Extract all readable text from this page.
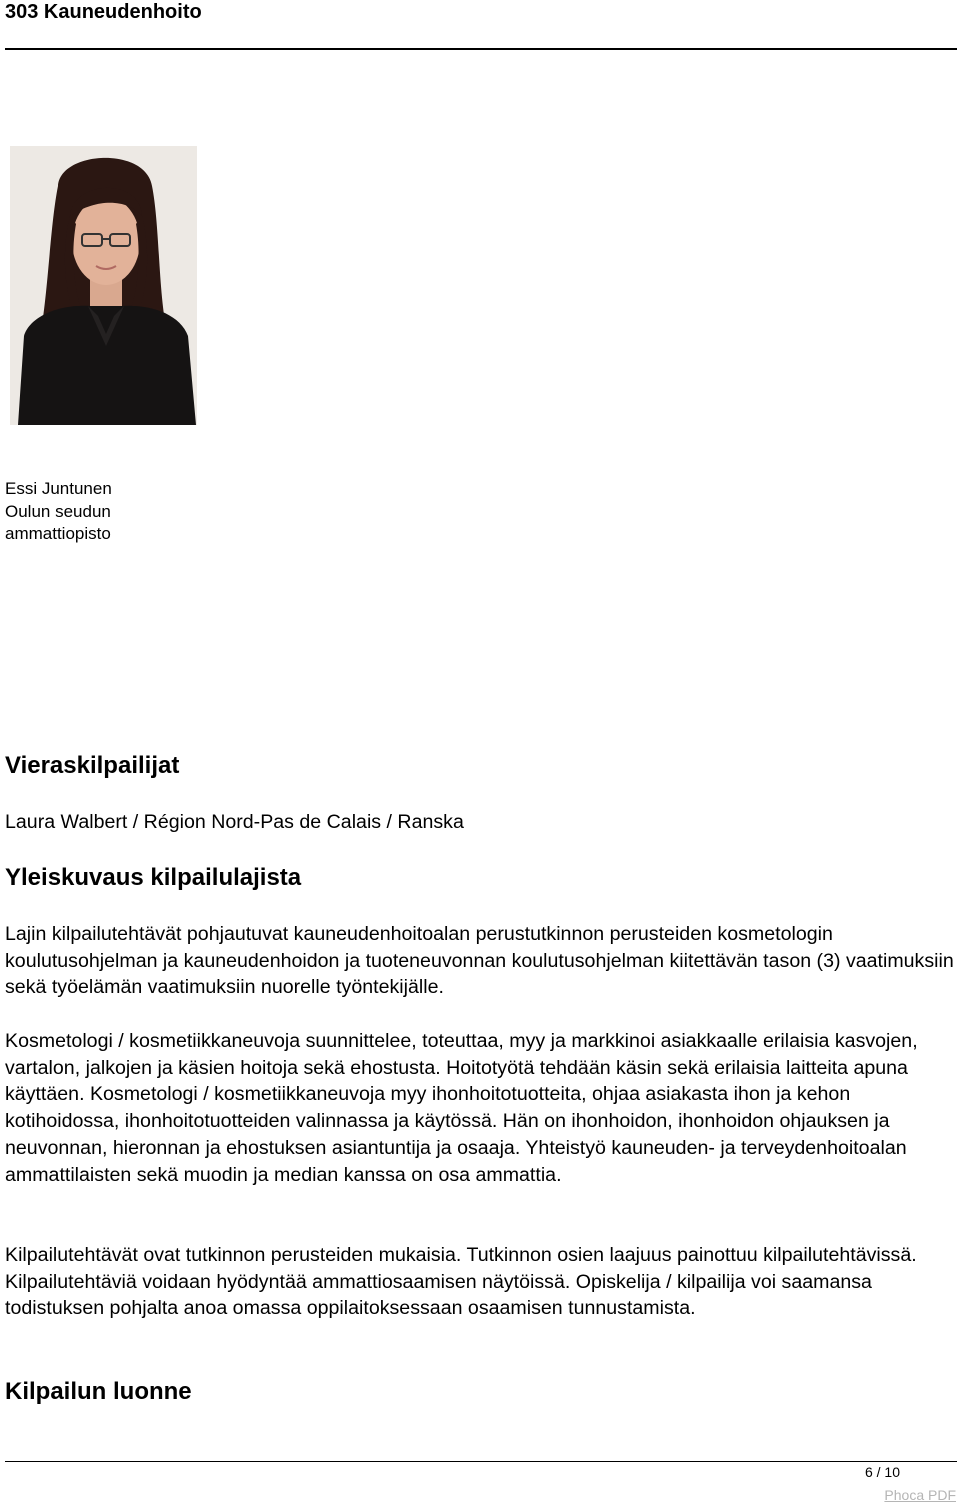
303 Kauneudenhoito
Essi Juntunen
Oulun seudun
ammattiopisto
Vieraskilpailijat

Laura Walbert / Région Nord-Pas de Calais / Ranska

Yleiskuvaus kilpailulajista

Lajin kilpailutehtävät pohjautuvat kauneudenhoitoalan perustutkinnon perusteiden kosmetologin koulutusohjelman ja kauneudenhoidon ja tuoteneuvonnan koulutusohjelman kiitettävän tason (3) vaatimuksiin sekä työelämän vaatimuksiin nuorelle työntekijälle.

Kosmetologi / kosmetiikkaneuvoja suunnittelee, toteuttaa, myy ja markkinoi asiakkaalle erilaisia kasvojen, vartalon, jalkojen ja käsien hoitoja sekä ehostusta. Hoitotyötä tehdään käsin sekä erilaisia laitteita apuna käyttäen. Kosmetologi / kosmetiikkaneuvoja myy ihonhoitotuotteita, ohjaa asiakasta ihon ja kehon kotihoidossa, ihonhoitotuotteiden valinnassa ja käytössä. Hän on ihonhoidon, ihonhoidon ohjauksen ja neuvonnan, hieronnan ja ehostuksen asiantuntija ja osaaja. Yhteistyö kauneuden- ja terveydenhoitoalan ammattilaisten sekä muodin ja median kanssa on osa ammattia.

Kilpailutehtävät ovat tutkinnon perusteiden mukaisia. Tutkinnon osien laajuus painottuu kilpailutehtävissä. Kilpailutehtäviä voidaan hyödyntää ammattiosaamisen näytöissä. Opiskelija / kilpailija voi saamansa todistuksen pohjalta anoa omassa oppilaitoksessaan osaamisen tunnustamista.

Kilpailun luonne
6 / 10
Phoca PDF
